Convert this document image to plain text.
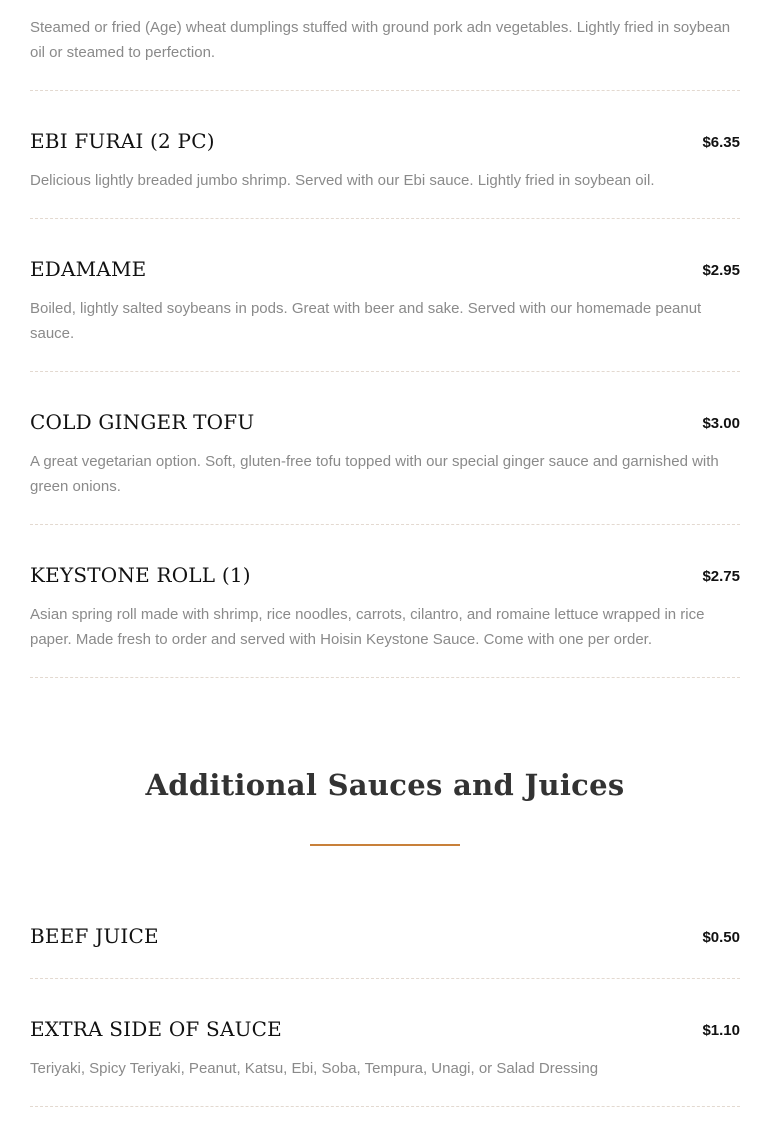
Steamed or fried (Age) wheat dumplings stuffed with ground pork adn vegetables. Lightly fried in soybean oil or steamed to perfection.

EBI FURAI (2 PC)	$6.35

Delicious lightly breaded jumbo shrimp. Served with our Ebi sauce. Lightly fried in soybean oil.

EDAMAME	$2.95

Boiled, lightly salted soybeans in pods. Great with beer and sake. Served with our homemade peanut sauce.

COLD GINGER TOFU	$3.00

A great vegetarian option. Soft, gluten-free tofu topped with our special ginger sauce and garnished with green onions.

KEYSTONE ROLL (1)	$2.75

Asian spring roll made with shrimp, rice noodles, carrots, cilantro, and romaine lettuce wrapped in rice paper. Made fresh to order and served with Hoisin Keystone Sauce. Come with one per order.

BEEF JUICE	$0.50
EXTRA SIDE OF SAUCE	$1.10

Teriyaki, Spicy Teriyaki, Peanut, Katsu, Ebi, Soba, Tempura, Unagi, or Salad Dressing

Additional Sauces and Juices
